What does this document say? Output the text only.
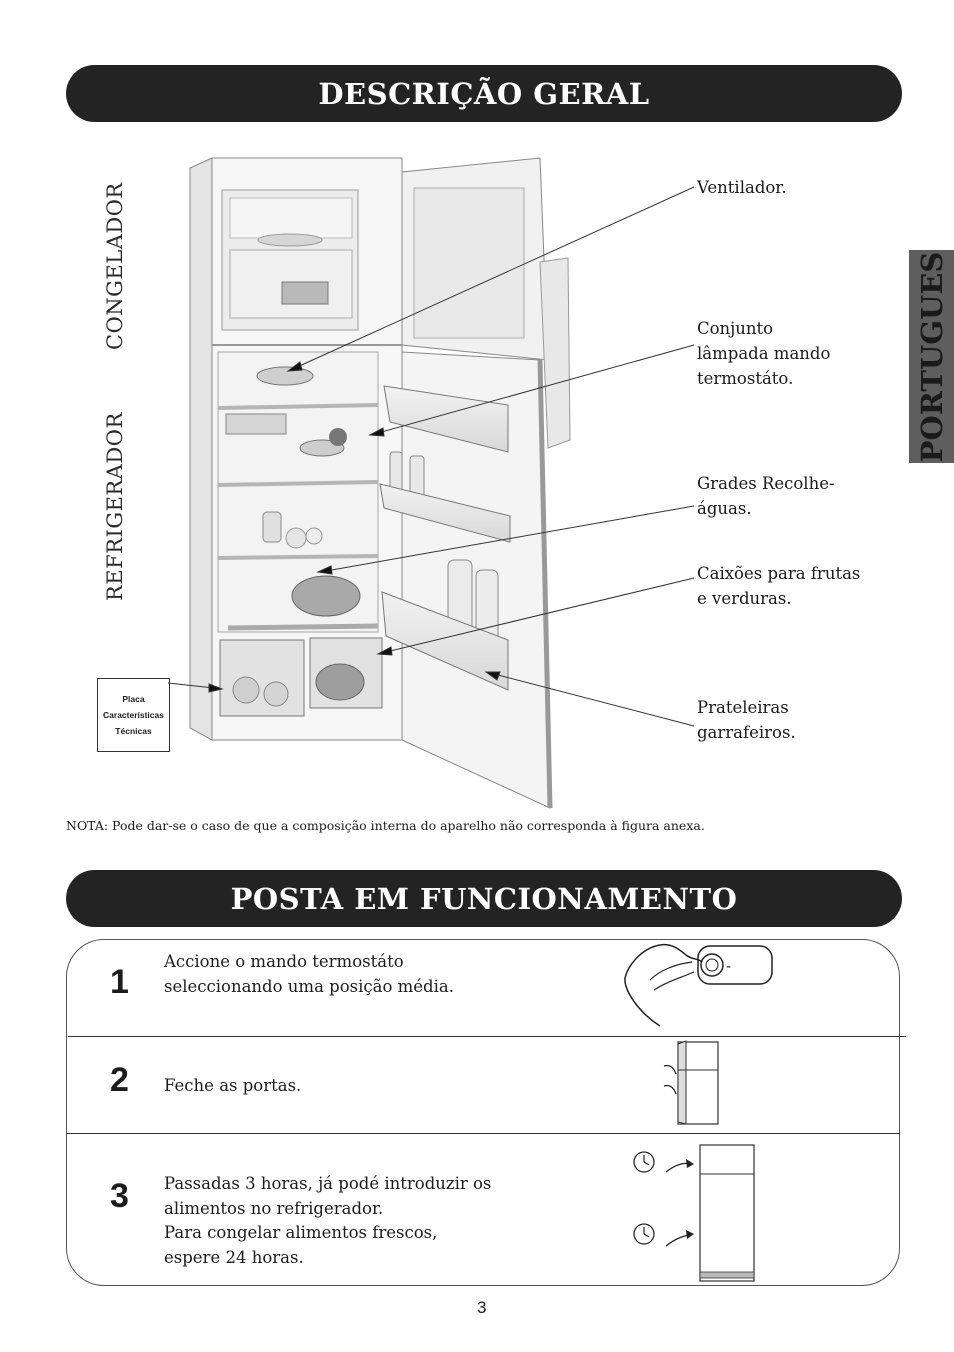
DESCRIÇÃO GERAL
PORTUGUES
CONGELADOR
REFRIGERADOR
Ventilador.
Conjunto
lâmpada mando
termostáto.
Grades Recolhe-
águas.
Caixões para frutas
e verduras.
Prateleiras
garrafeiros.
Placa
Características
Técnicas
NOTA: Pode dar-se o caso de que a composição interna do aparelho não corresponda à figura anexa.
POSTA EM FUNCIONAMENTO
1
Accione o mando termostáto
seleccionando uma posição média.
-
2 Feche as portas.
3 Passadas 3 horas, já podé introduzir os
alimentos no refrigerador.
Para congelar alimentos frescos,
espere 24 horas.
3
